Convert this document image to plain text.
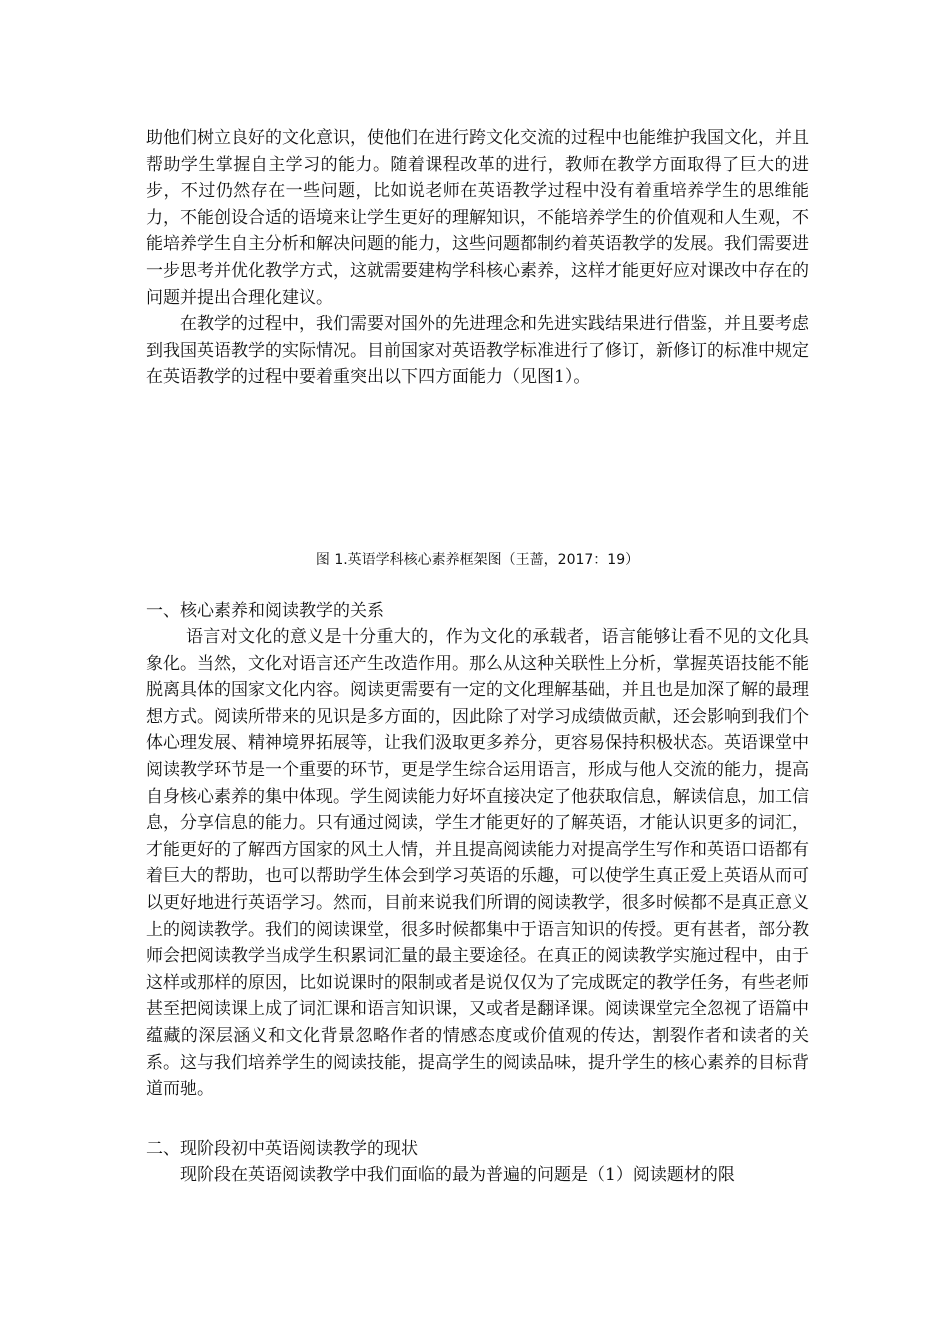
助他们树立良好的文化意识，使他们在进行跨文化交流的过程中也能维护我国文化，并且帮助学生掌握自主学习的能力。随着课程改革的进行，教师在教学方面取得了巨大的进步，不过仍然存在一些问题，比如说老师在英语教学过程中没有着重培养学生的思维能力，不能创设合适的语境来让学生更好的理解知识，不能培养学生的价值观和人生观，不能培养学生自主分析和解决问题的能力，这些问题都制约着英语教学的发展。我们需要进一步思考并优化教学方式，这就需要建构学科核心素养，这样才能更好应对课改中存在的问题并提出合理化建议。

在教学的过程中，我们需要对国外的先进理念和先进实践结果进行借鉴，并且要考虑到我国英语教学的实际情况。目前国家对英语教学标准进行了修订，新修订的标准中规定在英语教学的过程中要着重突出以下四方面能力（见图1）。

图 1.英语学科核心素养框架图（王蔷，2017：19）
一、核心素养和阅读教学的关系

语言对文化的意义是十分重大的，作为文化的承载者，语言能够让看不见的文化具象化。当然，文化对语言还产生改造作用。那么从这种关联性上分析，掌握英语技能不能脱离具体的国家文化内容。阅读更需要有一定的文化理解基础，并且也是加深了解的最理想方式。阅读所带来的见识是多方面的，因此除了对学习成绩做贡献，还会影响到我们个体心理发展、精神境界拓展等，让我们汲取更多养分，更容易保持积极状态。英语课堂中阅读教学环节是一个重要的环节，更是学生综合运用语言，形成与他人交流的能力，提高自身核心素养的集中体现。学生阅读能力好坏直接决定了他获取信息，解读信息，加工信息，分享信息的能力。只有通过阅读，学生才能更好的了解英语，才能认识更多的词汇，才能更好的了解西方国家的风土人情，并且提高阅读能力对提高学生写作和英语口语都有着巨大的帮助，也可以帮助学生体会到学习英语的乐趣，可以使学生真正爱上英语从而可以更好地进行英语学习。然而，目前来说我们所谓的阅读教学，很多时候都不是真正意义上的阅读教学。我们的阅读课堂，很多时候都集中于语言知识的传授。更有甚者，部分教师会把阅读教学当成学生积累词汇量的最主要途径。在真正的阅读教学实施过程中，由于这样或那样的原因，比如说课时的限制或者是说仅仅为了完成既定的教学任务，有些老师甚至把阅读课上成了词汇课和语言知识课，又或者是翻译课。阅读课堂完全忽视了语篇中蕴藏的深层涵义和文化背景忽略作者的情感态度或价值观的传达，割裂作者和读者的关系。这与我们培养学生的阅读技能，提高学生的阅读品味，提升学生的核心素养的目标背道而驰。

二、现阶段初中英语阅读教学的现状

现阶段在英语阅读教学中我们面临的最为普遍的问题是（1）阅读题材的限
